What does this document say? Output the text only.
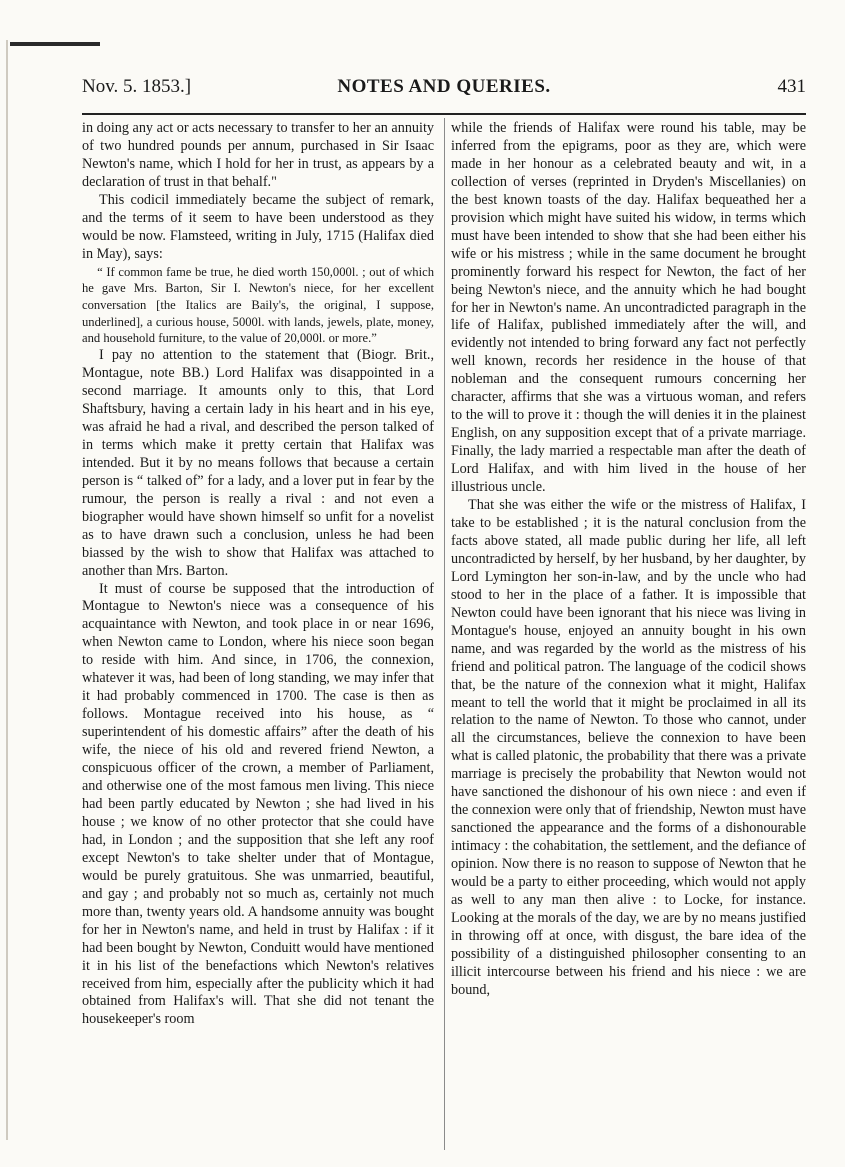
Nov. 5. 1853.]	NOTES AND QUERIES.	431

in doing any act or acts necessary to transfer to her an annuity of two hundred pounds per annum, purchased in Sir Isaac Newton's name, which I hold for her in trust, as appears by a declaration of trust in that behalf."

This codicil immediately became the subject of remark, and the terms of it seem to have been understood as they would be now. Flamsteed, writing in July, 1715 (Halifax died in May), says:

“ If common fame be true, he died worth 150,000l. ; out of which he gave Mrs. Barton, Sir I. Newton's niece, for her excellent conversation [the Italics are Baily's, the original, I suppose, underlined], a curious house, 5000l. with lands, jewels, plate, money, and household furniture, to the value of 20,000l. or more.”

I pay no attention to the statement that (Biogr. Brit., Montague, note BB.) Lord Halifax was disappointed in a second marriage. It amounts only to this, that Lord Shaftsbury, having a certain lady in his heart and in his eye, was afraid he had a rival, and described the person talked of in terms which make it pretty certain that Halifax was intended. But it by no means follows that because a certain person is “ talked of” for a lady, and a lover put in fear by the rumour, the person is really a rival : and not even a biographer would have shown himself so unfit for a novelist as to have drawn such a conclusion, unless he had been biassed by the wish to show that Halifax was attached to another than Mrs. Barton.

It must of course be supposed that the introduction of Montague to Newton's niece was a consequence of his acquaintance with Newton, and took place in or near 1696, when Newton came to London, where his niece soon began to reside with him. And since, in 1706, the connexion, whatever it was, had been of long standing, we may infer that it had probably commenced in 1700. The case is then as follows. Montague received into his house, as “ superintendent of his domestic affairs” after the death of his wife, the niece of his old and revered friend Newton, a conspicuous officer of the crown, a member of Parliament, and otherwise one of the most famous men living. This niece had been partly educated by Newton ; she had lived in his house ; we know of no other protector that she could have had, in London ; and the supposition that she left any roof except Newton's to take shelter under that of Montague, would be purely gratuitous. She was unmarried, beautiful, and gay ; and probably not so much as, certainly not much more than, twenty years old. A handsome annuity was bought for her in Newton's name, and held in trust by Halifax : if it had been bought by Newton, Conduitt would have mentioned it in his list of the benefactions which Newton's relatives received from him, especially after the publicity which it had obtained from Halifax's will. That she did not tenant the housekeeper's room

while the friends of Halifax were round his table, may be inferred from the epigrams, poor as they are, which were made in her honour as a celebrated beauty and wit, in a collection of verses (reprinted in Dryden's Miscellanies) on the best known toasts of the day. Halifax bequeathed her a provision which might have suited his widow, in terms which must have been intended to show that she had been either his wife or his mistress ; while in the same document he brought prominently forward his respect for Newton, the fact of her being Newton's niece, and the annuity which he had bought for her in Newton's name. An uncontradicted paragraph in the life of Halifax, published immediately after the will, and evidently not intended to bring forward any fact not perfectly well known, records her residence in the house of that nobleman and the consequent rumours concerning her character, affirms that she was a virtuous woman, and refers to the will to prove it : though the will denies it in the plainest English, on any supposition except that of a private marriage. Finally, the lady married a respectable man after the death of Lord Halifax, and with him lived in the house of her illustrious uncle.

That she was either the wife or the mistress of Halifax, I take to be established ; it is the natural conclusion from the facts above stated, all made public during her life, all left uncontradicted by herself, by her husband, by her daughter, by Lord Lymington her son-in-law, and by the uncle who had stood to her in the place of a father. It is impossible that Newton could have been ignorant that his niece was living in Montague's house, enjoyed an annuity bought in his own name, and was regarded by the world as the mistress of his friend and political patron. The language of the codicil shows that, be the nature of the connexion what it might, Halifax meant to tell the world that it might be proclaimed in all its relation to the name of Newton. To those who cannot, under all the circumstances, believe the connexion to have been what is called platonic, the probability that there was a private marriage is precisely the probability that Newton would not have sanctioned the dishonour of his own niece : and even if the connexion were only that of friendship, Newton must have sanctioned the appearance and the forms of a dishonourable intimacy : the cohabitation, the settlement, and the defiance of opinion. Now there is no reason to suppose of Newton that he would be a party to either proceeding, which would not apply as well to any man then alive : to Locke, for instance. Looking at the morals of the day, we are by no means justified in throwing off at once, with disgust, the bare idea of the possibility of a distinguished philosopher consenting to an illicit intercourse between his friend and his niece : we are bound,
